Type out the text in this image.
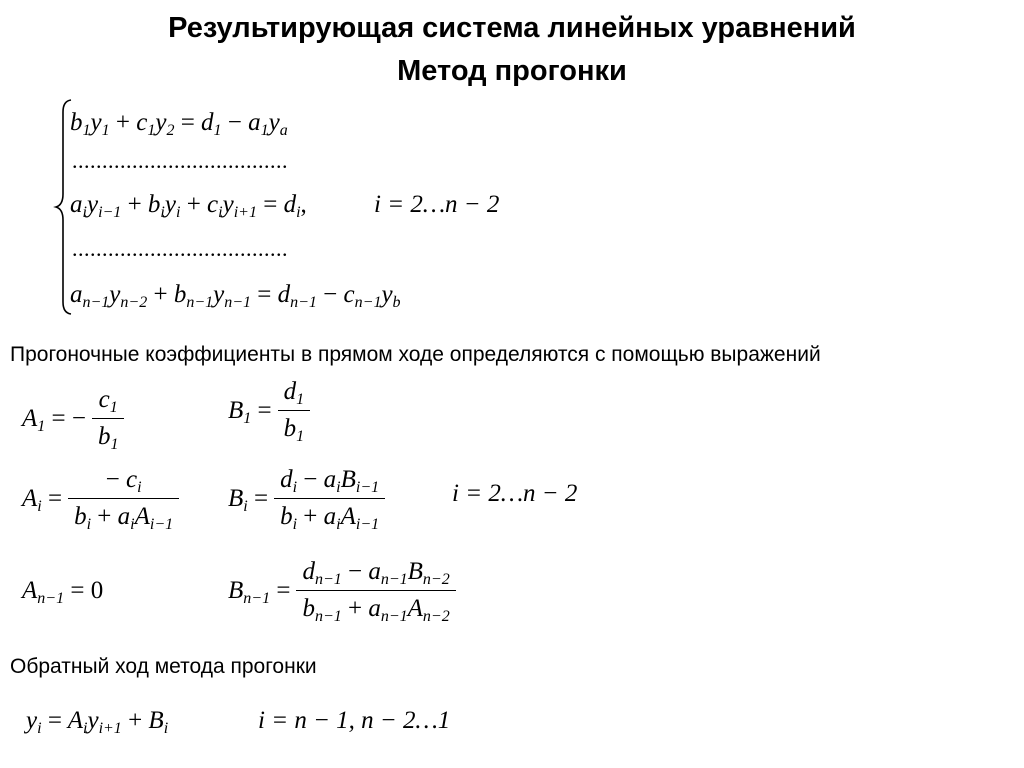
Результирующая система линейных уравнений
Метод прогонки
$b_1y_1 + c_1y_2 = d_1 - a_1y_a$
....................................
$a_iy_{i-1} + b_iy_i + c_iy_{i+1} = d_i$,	i = 2…n − 2
....................................
$a_{n-1}y_{n-2} + b_{n-1}y_{n-1} = d_{n-1} - c_{n-1}y_b$
Прогоночные коэффициенты в прямом ходе определяются с помощью выражений
$A_1$ = − $\frac{c_1}{b_1}$	$B_1 = \frac{d_1}{b_1}$
$A_i = \frac{- c_i}{b_i + a_iA_{i-1}} B_i = \frac{d_i - a_iB_{i-1}}{b_i + a_iA_{i-1}}$	i = 2…n − 2
$A_{n-1} = 0$	$B_{n-1} = \frac{d_{n-1} - a_{n-1}B_{n-2}}{b_{n-1} + a_{n-1}A_{n-2}}$
Обратный ход метода прогонки
$y_i = A_iy_{i+1} + B_i$	i = n − 1, n − 2…1
